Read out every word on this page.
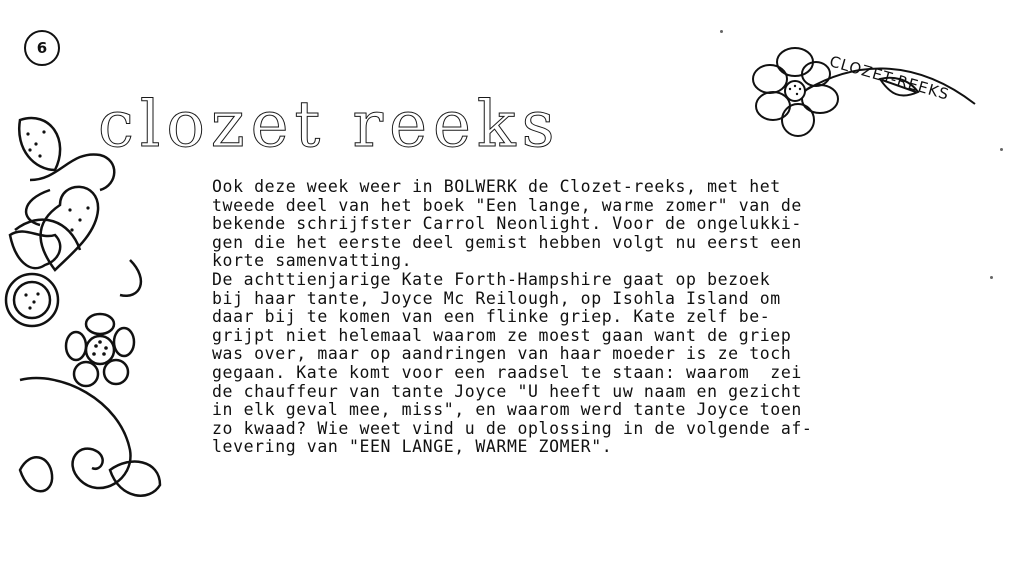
6
clozet reeks
CLOZET-REEKS
Ook deze week weer in BOLWERK de Clozet-reeks, met het
tweede deel van het boek "Een lange, warme zomer" van de
bekende schrijfster Carrol Neonlight. Voor de ongelukki-
gen die het eerste deel gemist hebben volgt nu eerst een
korte samenvatting.
De achttienjarige Kate Forth-Hampshire gaat op bezoek
bij haar tante, Joyce Mc Reilough, op Isohla Island om
daar bij te komen van een flinke griep. Kate zelf be-
grijpt niet helemaal waarom ze moest gaan want de griep
was over, maar op aandringen van haar moeder is ze toch
gegaan. Kate komt voor een raadsel te staan: waarom  zei
de chauffeur van tante Joyce "U heeft uw naam en gezicht
in elk geval mee, miss", en waarom werd tante Joyce toen
zo kwaad? Wie weet vind u de oplossing in de volgende af-
levering van "EEN LANGE, WARME ZOMER".
